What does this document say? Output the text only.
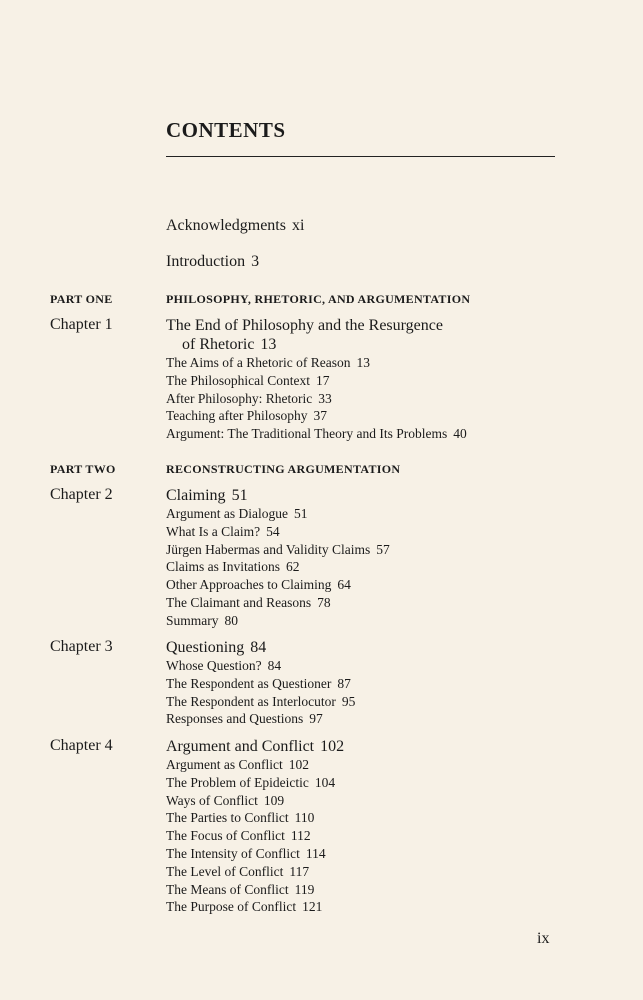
CONTENTS
Acknowledgments xi
Introduction 3
PART ONE	PHILOSOPHY, RHETORIC, AND ARGUMENTATION
Chapter 1	The End of Philosophy and the Resurgence
of Rhetoric 13
The Aims of a Rhetoric of Reason 13
The Philosophical Context 17
After Philosophy: Rhetoric 33
Teaching after Philosophy 37
Argument: The Traditional Theory and Its Problems 40
PART TWO	RECONSTRUCTING ARGUMENTATION
Chapter 2	Claiming 51
Argument as Dialogue 51
What Is a Claim? 54
Jürgen Habermas and Validity Claims 57
Claims as Invitations 62
Other Approaches to Claiming 64
The Claimant and Reasons 78
Summary 80
Chapter 3	Questioning 84
Whose Question? 84
The Respondent as Questioner 87
The Respondent as Interlocutor 95
Responses and Questions 97
Chapter 4	Argument and Conflict 102
Argument as Conflict 102
The Problem of Epideictic 104
Ways of Conflict 109
The Parties to Conflict 110
The Focus of Conflict 112
The Intensity of Conflict 114
The Level of Conflict 117
The Means of Conflict 119
The Purpose of Conflict 121
ix
